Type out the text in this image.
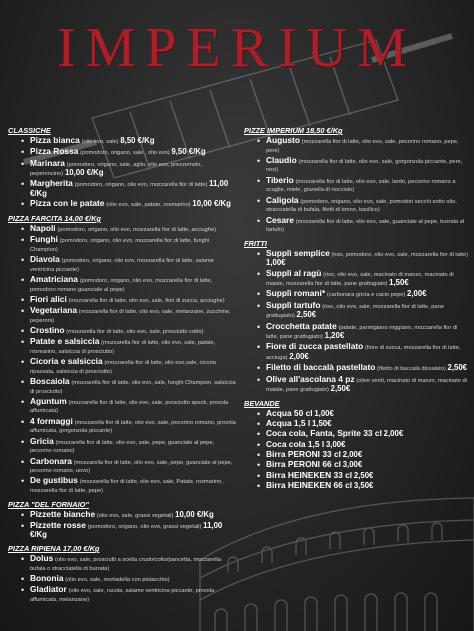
IMPERIUM
CLASSICHE
• Pizza bianca (olio evo, sale) 8,50 €/Kg
• Pizza Rossa (pomodoro, origano, sale , olio evo) 9,50 €/Kg
• Marinara (pomodoro, origano, sale, aglio, olio evo, prezzemolo, peperoncino) 10,00 €/Kg
• Margherita (pomodoro, origano, olio evo, mozzarella fior di latte) 11,00 €/Kg
• Pizza con le patate (olio evo, sale, patate, rosmarino) 10,00 €/Kg
PIZZA FARCITA 14,00 €/Kg
• Napoli (pomodoro, origano, olio evo, mozzarella fior di latte, acciughe)
• Funghi (pomodoro, origano, olio evo, mozzarella fior di latte, funghi Champion)
• Diavola (pomodoro, origano, olio evo, mozzarella fior di latte, salame ventricina piccante)
• Amatriciana (pomodoro, origano, olio evo, mozzarella fior di latte, pomodoro romano guanciale al pepe)
• Fiori alici (mozzarella fior di latte, olio evo, sale, fiori di zucca, acciughe)
• Vegetariana (mozzarella fior di latte, olio evo, sale, melanzane, zucchine, peperoni)
• Crostino (mozzarella fior di latte, olio evo, sale, prosciutto cotto)
• Patate e salsiccia (mozzarella fior di latte, olio evo, sale, patate, rosmarino, salsiccia di prosciutto)
• Cicoria e salsiccia (mozzarella fior di latte, olio evo,sale, cicoria ripassata, salsiccia di prosciutto)
• Boscaiola (mozzarella fior di latte, olio evo, sale, funghi Champion, salsiccia di prosciutto)
• Aguntum (mozzarella fior di latte, olio evo, sale, prosciutto speck, provola affumicata)
• 4 formaggi (mozzarella fior di latte, olio evo, sale, pecorino romano, provola affumicata, gorgonzola piccante)
• Gricia (mozzarella fior di latte, olio evo, sale, pepe, guanciale al pepe, pecorino romano)
• Carbonara (mozzarella fior di latte, olio evo, sale, pepe, guanciale al pepe, pecorino romano, uovo)
• De gustibus (mozzarella fior di latte, olio evo, sale, Patate, rosmarino, mozzarella fior di latte, pepe)
PIZZA "DEL FORNAIO"
• Pizzette bianche (olio evo, sale, grassi vegetali) 10,00 €/Kg
• Pizzette rosse (pomodoro, origano, olio evo, grassi vegetali) 11,00 €/Kg
PIZZA RIPIENA 17,00 €/Kg
• Dolus (olio evo, sale, prosciutti a scelta crudo/cotto/pancetta, mozzarella bufala o stracciatella di burrata)
• Bononia (olio evo, sale, mortadella con pistacchio)
• Gladiator (olio evo, sale, rucola, salame ventricina piccante, provola affumicata, melanzane)
PIZZE IMPERIUM 18,50 €/Kg
• Augusto (mozzarella fior di latte, olio evo, sale, pecorino romano, pepe, pere)
• Claudio (mozzarella fior di latte, olio evo, sale, gorgonzola piccante, pere, noci)
• Tiberio (mozzarella fior di latte, olio evo, sale, lardo, pecorino romano a scaglie, miele, granella di nocciole)
• Caligola (pomodoro, origano, olio evo, sale, pomodori secchi sotto olio, stracciatella di bufala, filetti di tonno, basilico)
• Cesare (mozzarella fior di latte, olio evo, sale, guanciale al pepe, burrata al tartufo)
FRITTI
• Supplì semplice (riso, pomodoro, olio evo, sale, mozzarella fior di latte) 1,00€
• Supplì al ragù (riso, olio evo, sale, macinato di manzo, macinato di maiale, mozzarella fior di latte, pane grattugiato) 1,50€
• Supplì romani* (carbonara gricia e cacio pepe) 2,00€
• Supplì tartufo (riso, olio evo, sale, mozzarella fior di latte, pane grattugiato) 2,50€
• Crocchetta patate (patate, parmigiano reggiano, mozzarella fior di latte, pane grattugiato) 1,20€
• Fiore di zucca pastellato (fiore di zucca, mozzarella fior di latte, acciuga) 2,00€
• Filetto di baccalà pastellato (filetto di baccalà dissalato) 2,50€
• Olive all'ascolana 4 pz (olive verdi, macinato di manzo, macinato di maiale, pane grattugiato) 2,50€
BEVANDE
• Acqua 50 cl 1,00€
• Acqua 1,5 l 1,50€
• Coca cola, Fanta, Sprite 33 cl 2,00€
• Coca cola 1,5 l 3,00€
• Birra PERONI 33 cl 2,00€
• Birra PERONI 66 cl 3,00€
• Birra HEINEKEN 33 cl 2,50€
• Birra HEINEKEN 66 cl 3,50€
